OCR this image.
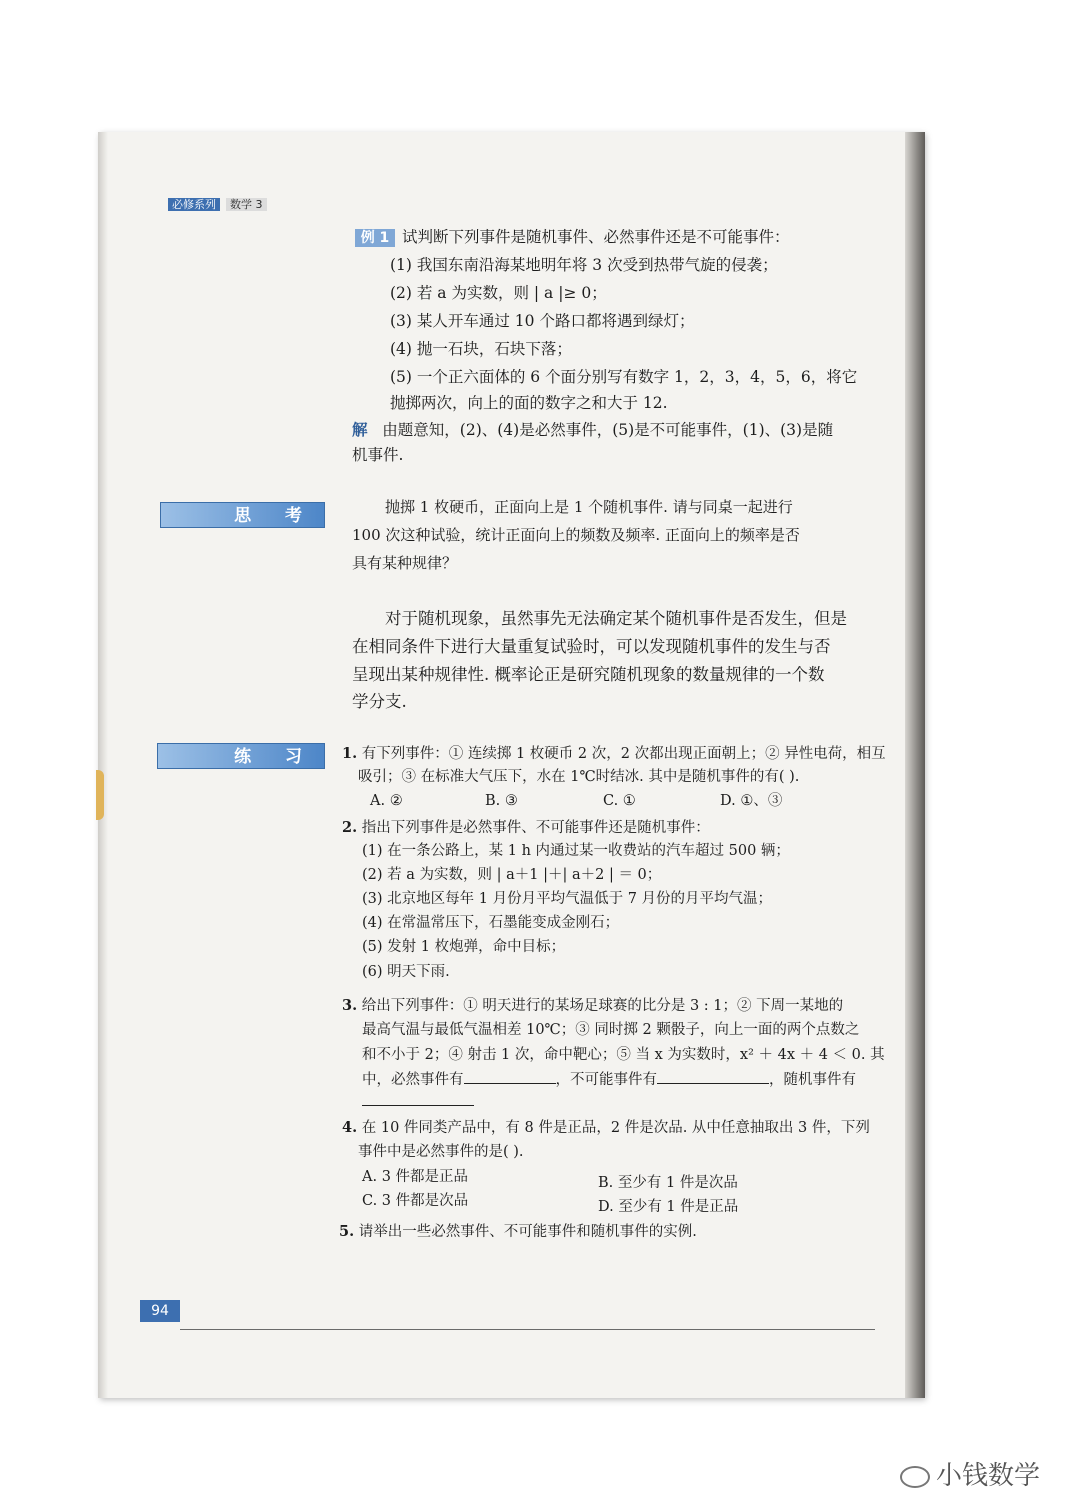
必修系列 数学 3
例 1 试判断下列事件是随机事件、必然事件还是不可能事件：
(1) 我国东南沿海某地明年将 3 次受到热带气旋的侵袭；
(2) 若 a 为实数，则 | a |≥ 0；
(3) 某人开车通过 10 个路口都将遇到绿灯；
(4) 抛一石块，石块下落；
(5) 一个正六面体的 6 个面分别写有数字 1，2，3，4，5，6，将它
抛掷两次，向上的面的数字之和大于 12.
解 由题意知，(2)、(4)是必然事件，(5)是不可能事件，(1)、(3)是随
机事件.
思 考	抛掷 1 枚硬币，正面向上是 1 个随机事件. 请与同桌一起进行
100 次这种试验，统计正面向上的频数及频率. 正面向上的频率是否
具有某种规律？
对于随机现象，虽然事先无法确定某个随机事件是否发生，但是
在相同条件下进行大量重复试验时，可以发现随机事件的发生与否
呈现出某种规律性. 概率论正是研究随机现象的数量规律的一个数
学分支.
练 习	1. 有下列事件：① 连续掷 1 枚硬币 2 次，2 次都出现正面朝上；② 异性电荷，相互
吸引；③ 在标准大气压下，水在 1℃时结冰. 其中是随机事件的有( ).
A. ②	B. ③	C. ①	D. ①、③
2. 指出下列事件是必然事件、不可能事件还是随机事件：
(1) 在一条公路上，某 1 h 内通过某一收费站的汽车超过 500 辆；
(2) 若 a 为实数，则 | a＋1 |＋| a＋2 | ＝ 0；
(3) 北京地区每年 1 月份月平均气温低于 7 月份的月平均气温；
(4) 在常温常压下，石墨能变成金刚石；
(5) 发射 1 枚炮弹，命中目标；
(6) 明天下雨.
3. 给出下列事件：① 明天进行的某场足球赛的比分是 3 : 1；② 下周一某地的
最高气温与最低气温相差 10℃；③ 同时掷 2 颗骰子，向上一面的两个点数之
和不小于 2；④ 射击 1 次，命中靶心；⑤ 当 x 为实数时，x² ＋ 4x ＋ 4 ＜ 0. 其
中，必然事件有	，不可能事件有	，随机事件有
4. 在 10 件同类产品中，有 8 件是正品，2 件是次品. 从中任意抽取出 3 件，下列
事件中是必然事件的是( ).
A. 3 件都是正品	B. 至少有 1 件是次品
C. 3 件都是次品	D. 至少有 1 件是正品
5. 请举出一些必然事件、不可能事件和随机事件的实例.
94
小钱数学
